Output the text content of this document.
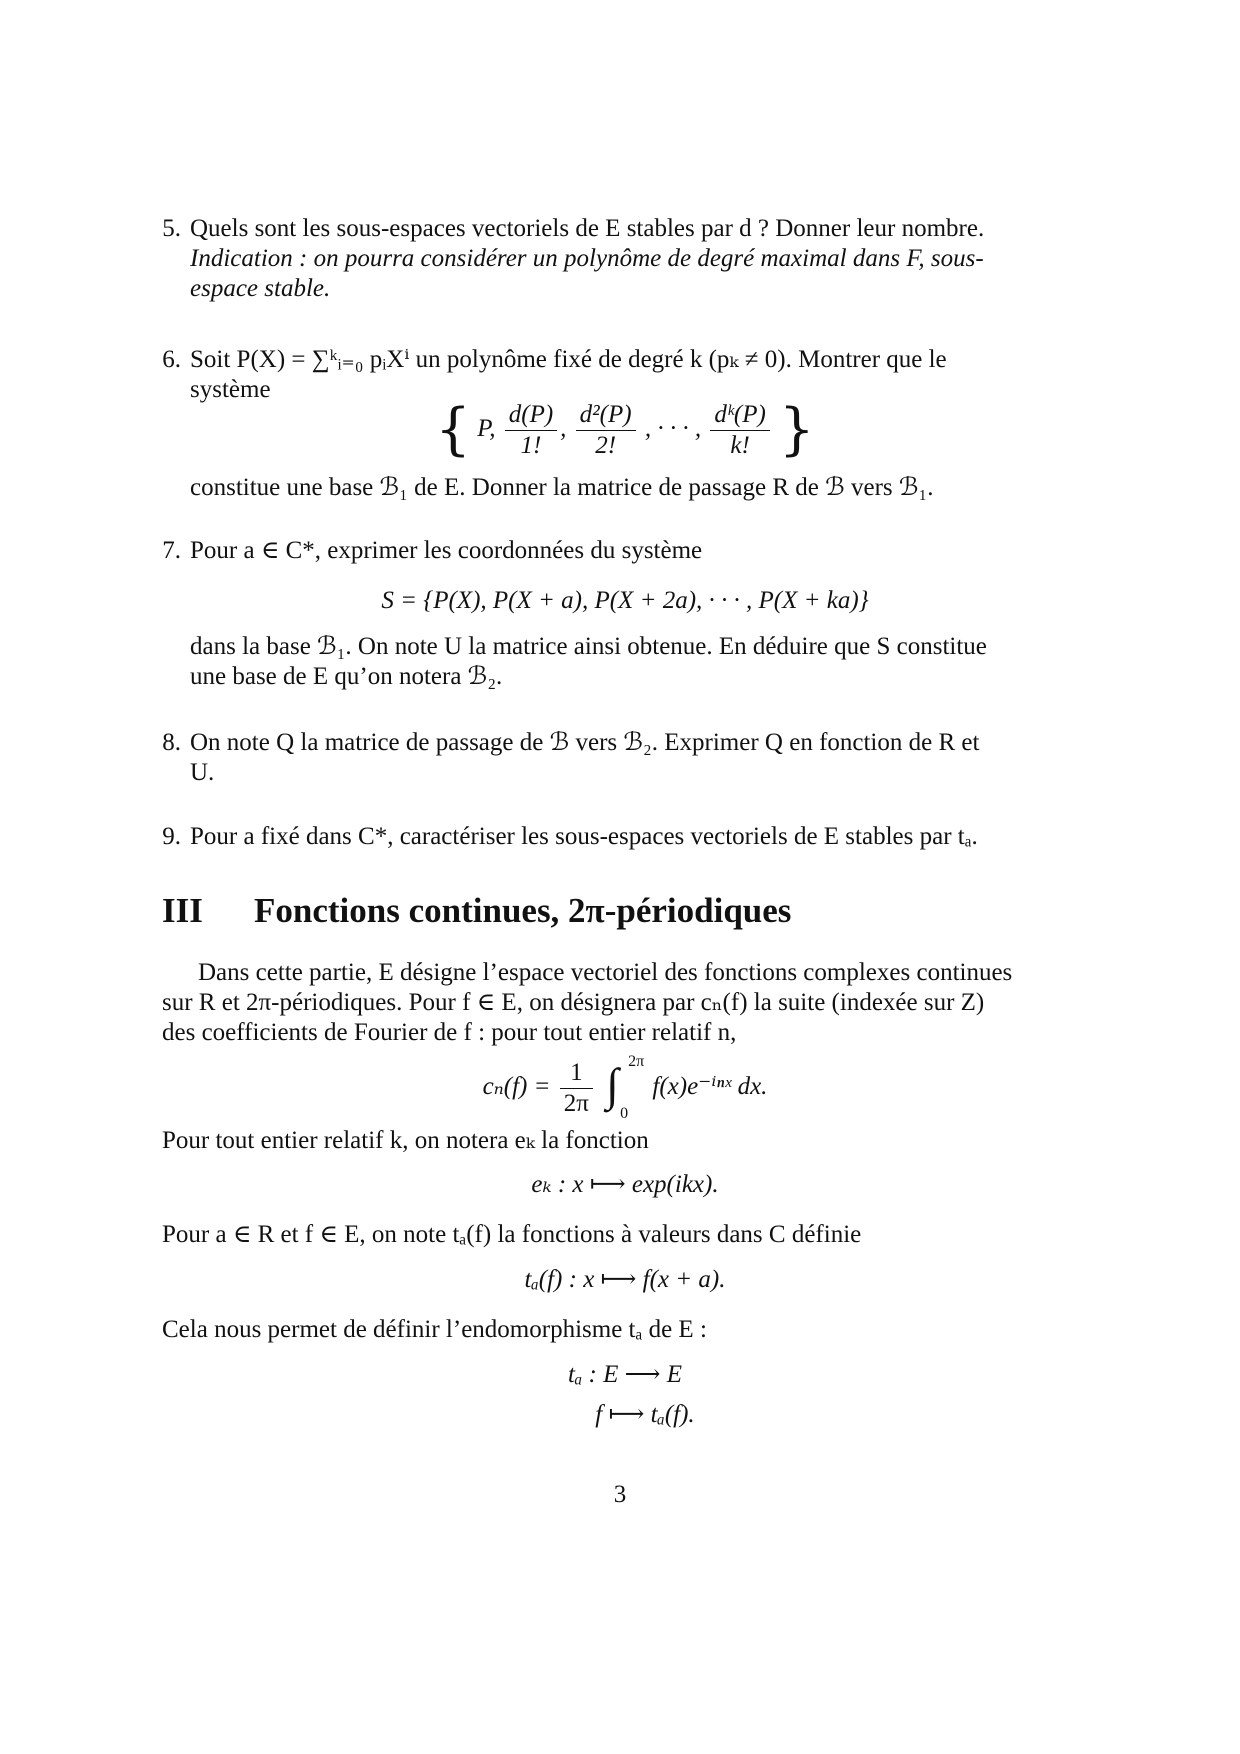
5. Quels sont les sous-espaces vectoriels de E stables par d ? Donner leur nombre.
Indication : on pourra considérer un polynôme de degré maximal dans F, sous-
espace stable.
6. Soit P(X) = ∑ᵏᵢ₌₀ pᵢXⁱ un polynôme fixé de degré k (pₖ ≠ 0). Montrer que le
système
{ P, $\frac{d(P)}{1!}$ , $\frac{\text{d²(P)}}{2!}$ , · · · , $\frac{\text{dᵏ(P)}}{k!}$ }
constitue une base ℬ₁ de E. Donner la matrice de passage R de ℬ vers ℬ₁.
7. Pour a ∈ C*, exprimer les coordonnées du système
S = {P(X), P(X + a), P(X + 2a), · · · , P(X + ka)}
dans la base ℬ₁. On note U la matrice ainsi obtenue. En déduire que S constitue
une base de E qu’on notera ℬ₂.
8. On note Q la matrice de passage de ℬ vers ℬ₂. Exprimer Q en fonction de R et
U.
9. Pour a fixé dans C*, caractériser les sous-espaces vectoriels de E stables par tₐ.
III Fonctions continues, 2π-périodiques
Dans cette partie, E désigne l’espace vectoriel des fonctions complexes continues
sur R et 2π-périodiques. Pour f ∈ E, on désignera par cₙ(f) la suite (indexée sur Z)
des coefficients de Fourier de f : pour tout entier relatif n,
$c_n(f) = \frac{1}{2\pi}$
∫ 2π
0
f(x)e⁻ⁱⁿˣ dx.
Pour tout entier relatif k, on notera eₖ la fonction
eₖ : x ⟼ exp(ikx).
Pour a ∈ R et f ∈ E, on note tₐ(f) la fonctions à valeurs dans C définie
tₐ(f) : x ⟼ f(x + a).
Cela nous permet de définir l’endomorphisme tₐ de E :
tₐ : E ⟶ E
f ⟼ tₐ(f).
3
